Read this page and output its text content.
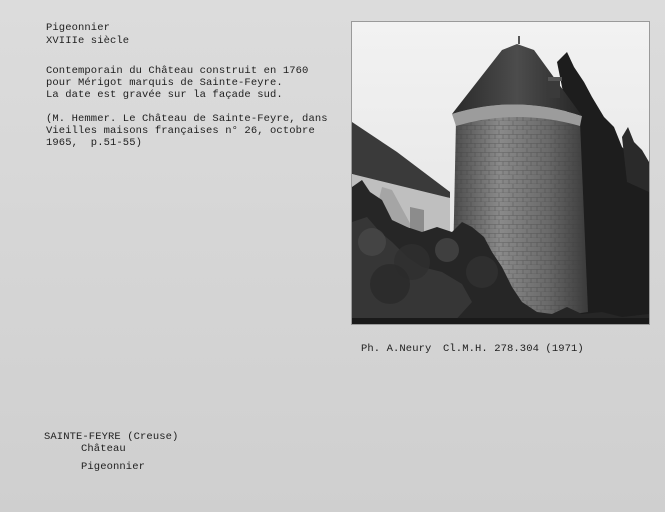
Pigeonnier
XVIIIe siècle
Contemporain du Château construit en 1760
pour Mérigot marquis de Sainte-Feyre.
La date est gravée sur la façade sud.
(M. Hemmer. Le Château de Sainte-Feyre, dans
Vieilles maisons françaises n° 26, octobre
1965,  p.51-55)
Ph. A.Neury Cl.M.H. 278.304 (1971)
SAINTE-FEYRE (Creuse)
Château
Pigeonnier
